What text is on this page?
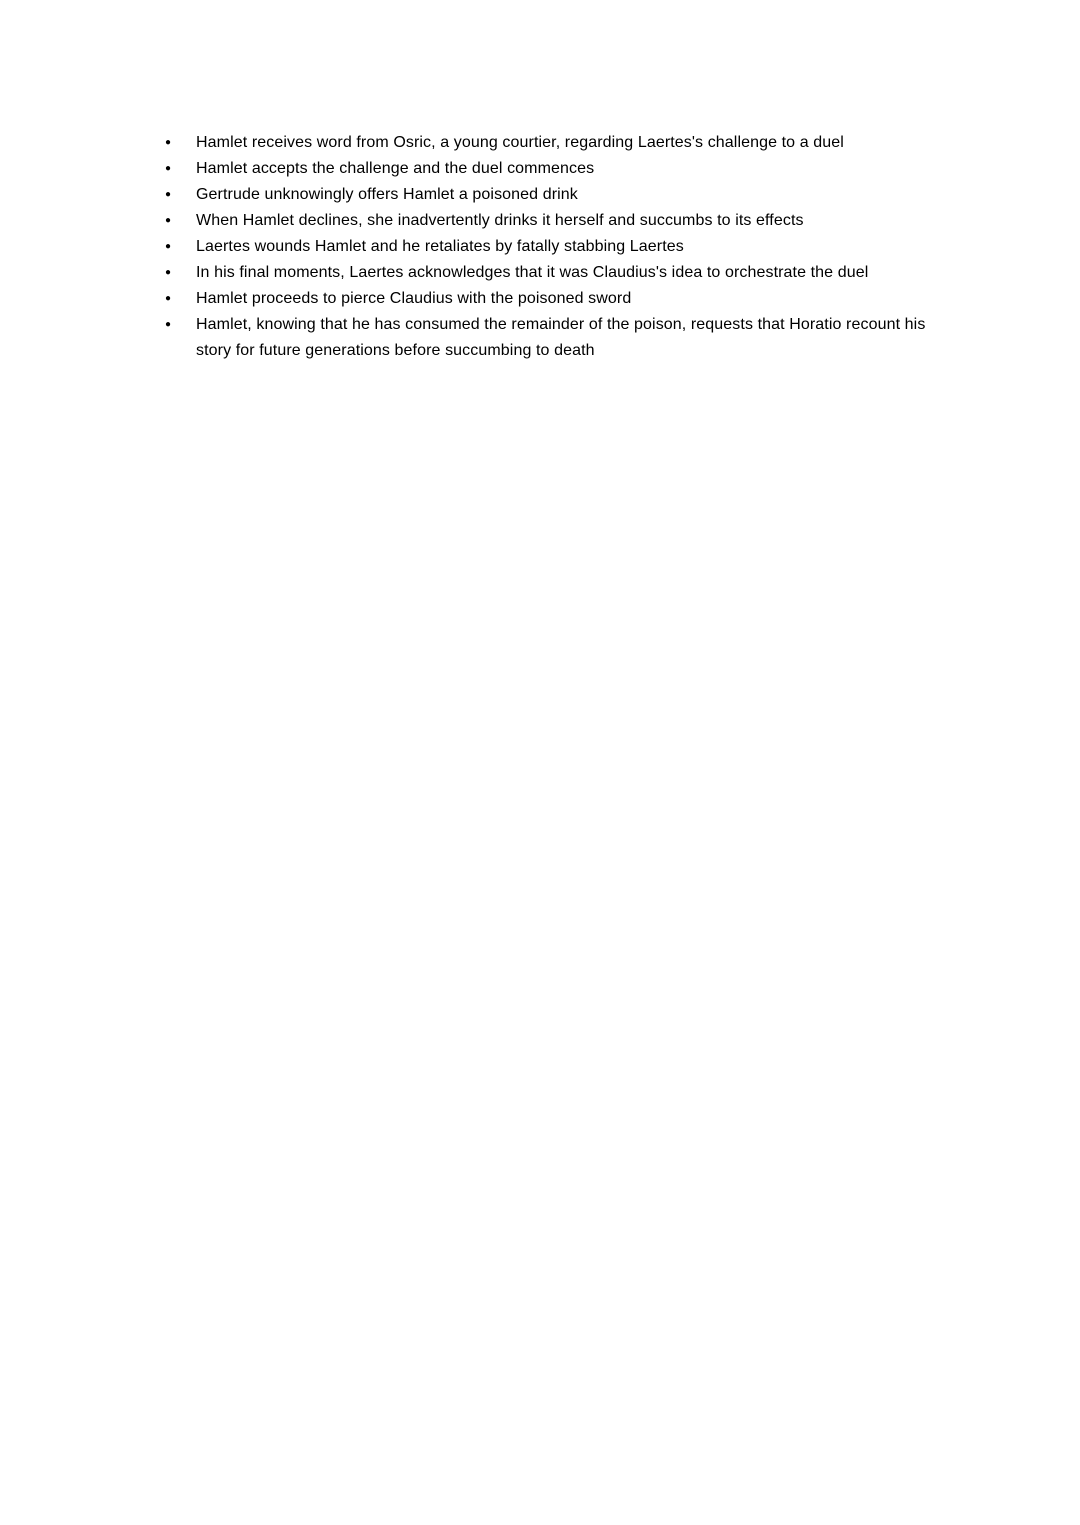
● Hamlet receives word from Osric, a young courtier, regarding Laertes's challenge to a duel
● Hamlet accepts the challenge and the duel commences
● Gertrude unknowingly offers Hamlet a poisoned drink
● When Hamlet declines, she inadvertently drinks it herself and succumbs to its effects
● Laertes wounds Hamlet and he retaliates by fatally stabbing Laertes
● In his final moments, Laertes acknowledges that it was Claudius's idea to orchestrate the duel
● Hamlet proceeds to pierce Claudius with the poisoned sword
● Hamlet, knowing that he has consumed the remainder of the poison, requests that Horatio recount his story for future generations before succumbing to death
